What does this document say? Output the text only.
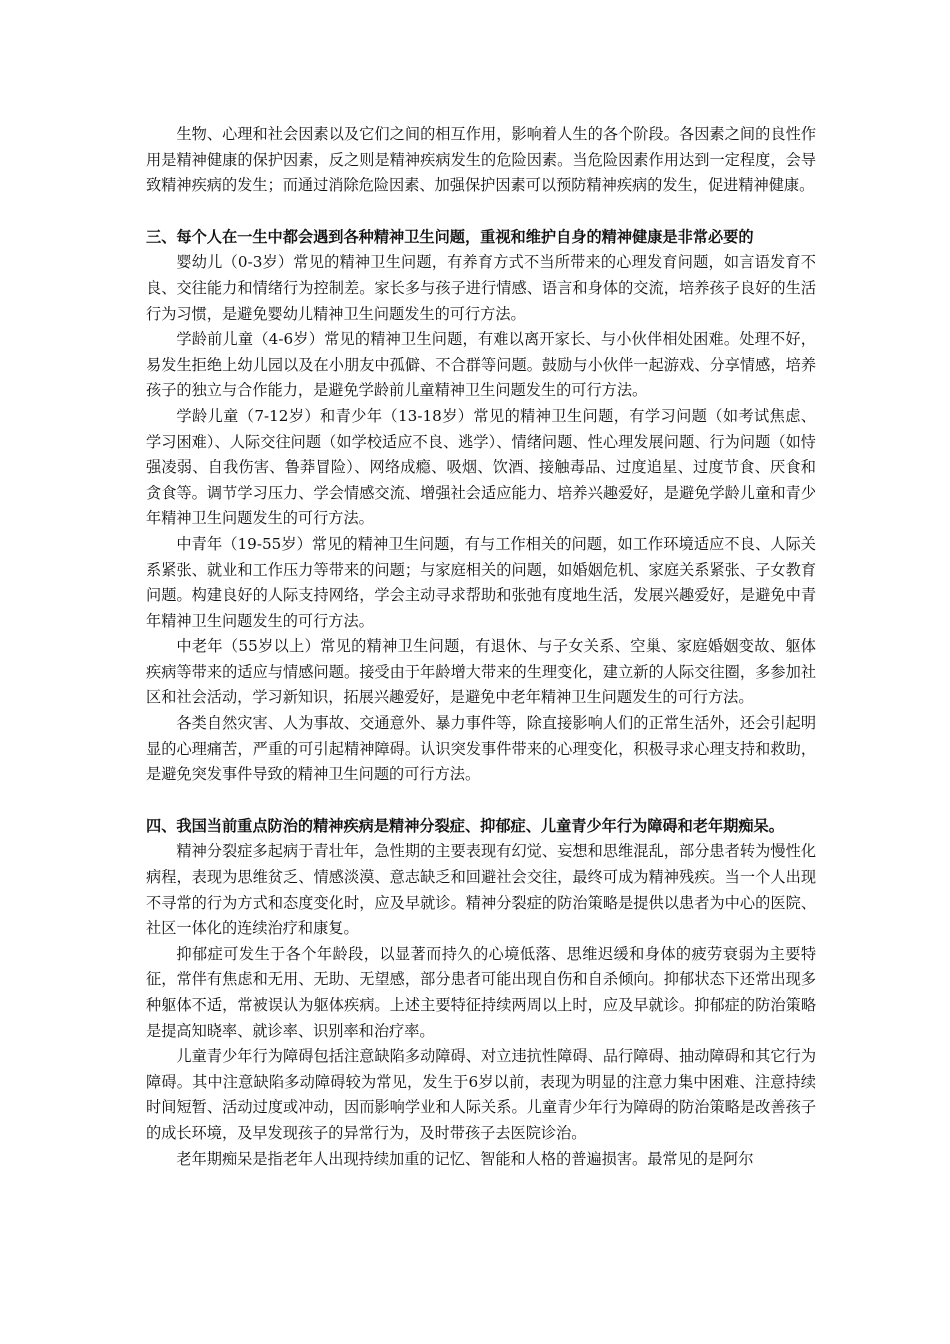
生物、心理和社会因素以及它们之间的相互作用，影响着人生的各个阶段。各因素之间的良性作用是精神健康的保护因素，反之则是精神疾病发生的危险因素。当危险因素作用达到一定程度，会导致精神疾病的发生；而通过消除危险因素、加强保护因素可以预防精神疾病的发生，促进精神健康。

三、每个人在一生中都会遇到各种精神卫生问题，重视和维护自身的精神健康是非常必要的

婴幼儿（0-3岁）常见的精神卫生问题，有养育方式不当所带来的心理发育问题，如言语发育不良、交往能力和情绪行为控制差。家长多与孩子进行情感、语言和身体的交流，培养孩子良好的生活行为习惯，是避免婴幼儿精神卫生问题发生的可行方法。

学龄前儿童（4-6岁）常见的精神卫生问题，有难以离开家长、与小伙伴相处困难。处理不好，易发生拒绝上幼儿园以及在小朋友中孤僻、不合群等问题。鼓励与小伙伴一起游戏、分享情感，培养孩子的独立与合作能力，是避免学龄前儿童精神卫生问题发生的可行方法。

学龄儿童（7-12岁）和青少年（13-18岁）常见的精神卫生问题，有学习问题（如考试焦虑、学习困难）、人际交往问题（如学校适应不良、逃学）、情绪问题、性心理发展问题、行为问题（如恃强凌弱、自我伤害、鲁莽冒险）、网络成瘾、吸烟、饮酒、接触毒品、过度追星、过度节食、厌食和贪食等。调节学习压力、学会情感交流、增强社会适应能力、培养兴趣爱好，是避免学龄儿童和青少年精神卫生问题发生的可行方法。

中青年（19-55岁）常见的精神卫生问题，有与工作相关的问题，如工作环境适应不良、人际关系紧张、就业和工作压力等带来的问题；与家庭相关的问题，如婚姻危机、家庭关系紧张、子女教育问题。构建良好的人际支持网络，学会主动寻求帮助和张弛有度地生活，发展兴趣爱好，是避免中青年精神卫生问题发生的可行方法。

中老年（55岁以上）常见的精神卫生问题，有退休、与子女关系、空巢、家庭婚姻变故、躯体疾病等带来的适应与情感问题。接受由于年龄增大带来的生理变化，建立新的人际交往圈，多参加社区和社会活动，学习新知识，拓展兴趣爱好，是避免中老年精神卫生问题发生的可行方法。

各类自然灾害、人为事故、交通意外、暴力事件等，除直接影响人们的正常生活外，还会引起明显的心理痛苦，严重的可引起精神障碍。认识突发事件带来的心理变化，积极寻求心理支持和救助，是避免突发事件导致的精神卫生问题的可行方法。

四、我国当前重点防治的精神疾病是精神分裂症、抑郁症、儿童青少年行为障碍和老年期痴呆。

精神分裂症多起病于青壮年，急性期的主要表现有幻觉、妄想和思维混乱，部分患者转为慢性化病程，表现为思维贫乏、情感淡漠、意志缺乏和回避社会交往，最终可成为精神残疾。当一个人出现不寻常的行为方式和态度变化时，应及早就诊。精神分裂症的防治策略是提供以患者为中心的医院、社区一体化的连续治疗和康复。

抑郁症可发生于各个年龄段，以显著而持久的心境低落、思维迟缓和身体的疲劳衰弱为主要特征，常伴有焦虑和无用、无助、无望感，部分患者可能出现自伤和自杀倾向。抑郁状态下还常出现多种躯体不适，常被误认为躯体疾病。上述主要特征持续两周以上时，应及早就诊。抑郁症的防治策略是提高知晓率、就诊率、识别率和治疗率。

儿童青少年行为障碍包括注意缺陷多动障碍、对立违抗性障碍、品行障碍、抽动障碍和其它行为障碍。其中注意缺陷多动障碍较为常见，发生于6岁以前，表现为明显的注意力集中困难、注意持续时间短暂、活动过度或冲动，因而影响学业和人际关系。儿童青少年行为障碍的防治策略是改善孩子的成长环境，及早发现孩子的异常行为，及时带孩子去医院诊治。

老年期痴呆是指老年人出现持续加重的记忆、智能和人格的普遍损害。最常见的是阿尔
